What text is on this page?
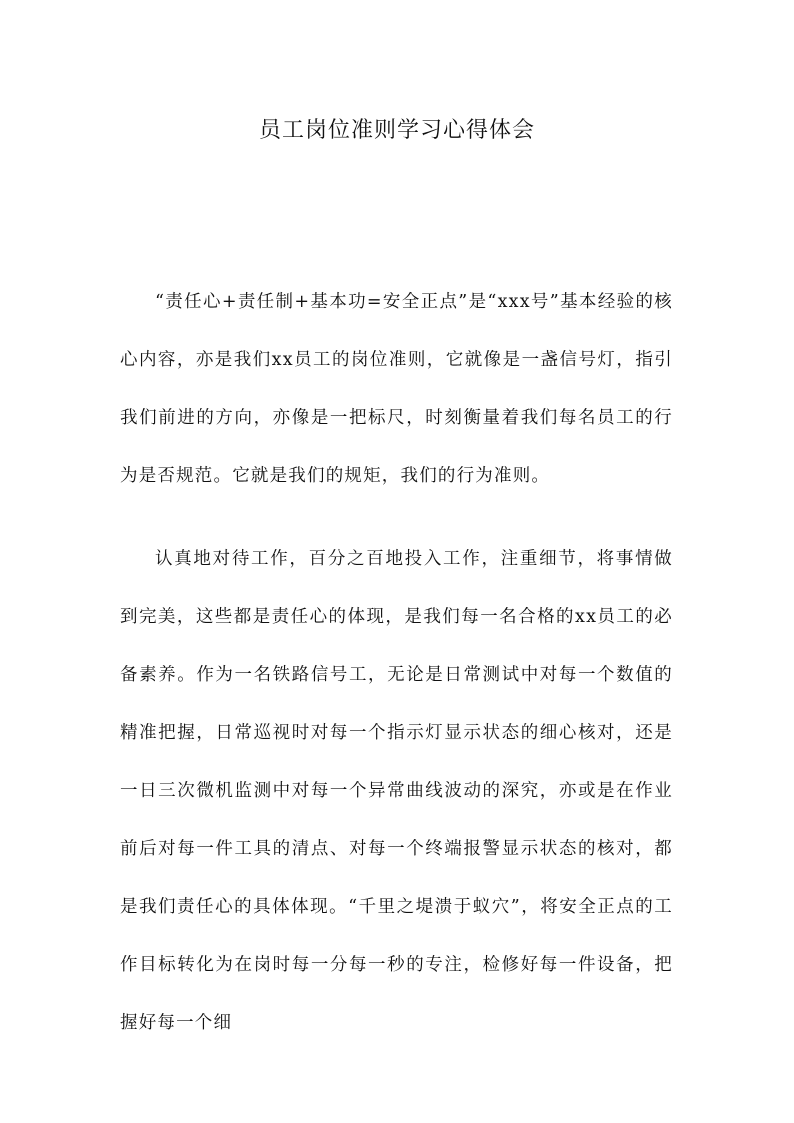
员工岗位准则学习心得体会

“责任心+责任制+基本功=安全正点”是“xxx号”基本经验的核心内容，亦是我们xx员工的岗位准则，它就像是一盏信号灯，指引我们前进的方向，亦像是一把标尺，时刻衡量着我们每名员工的行为是否规范。它就是我们的规矩，我们的行为准则。

认真地对待工作，百分之百地投入工作，注重细节，将事情做到完美，这些都是责任心的体现，是我们每一名合格的xx员工的必备素养。作为一名铁路信号工，无论是日常测试中对每一个数值的精准把握，日常巡视时对每一个指示灯显示状态的细心核对，还是一日三次微机监测中对每一个异常曲线波动的深究，亦或是在作业前后对每一件工具的清点、对每一个终端报警显示状态的核对，都是我们责任心的具体体现。“千里之堤溃于蚁穴”，将安全正点的工作目标转化为在岗时每一分每一秒的专注，检修好每一件设备，把握好每一个细
